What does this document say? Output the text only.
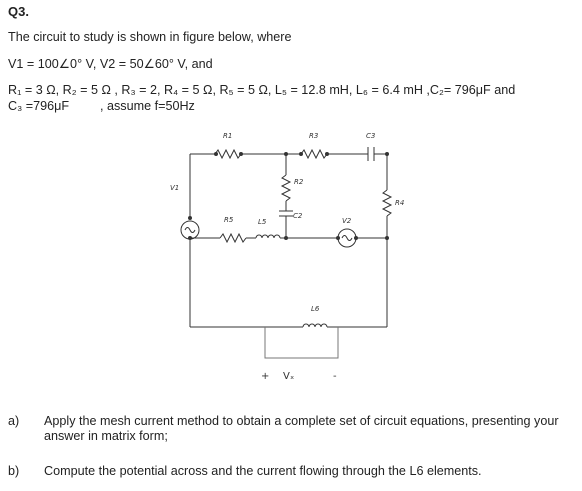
Q3.
The circuit to study is shown in figure below, where
V1 = 100∠0° V, V2 = 50∠60° V, and
R₁ = 3 Ω, R₂ = 5 Ω , R₃ = 2, R₄ = 5 Ω, R₅ = 5 Ω, L₅ = 12.8 mH, L₆ = 6.4 mH ,C₂= 796μF and
C₃ =796μF , assume f=50Hz
R1	R3	C3
R2
V1
R4
R5	L5
C2
V2
L6
+ Vₓ	-
a) Apply the mesh current method to obtain a complete set of circuit equations, presenting your answer in matrix form;
b) Compute the potential across and the current flowing through the L6 elements.
